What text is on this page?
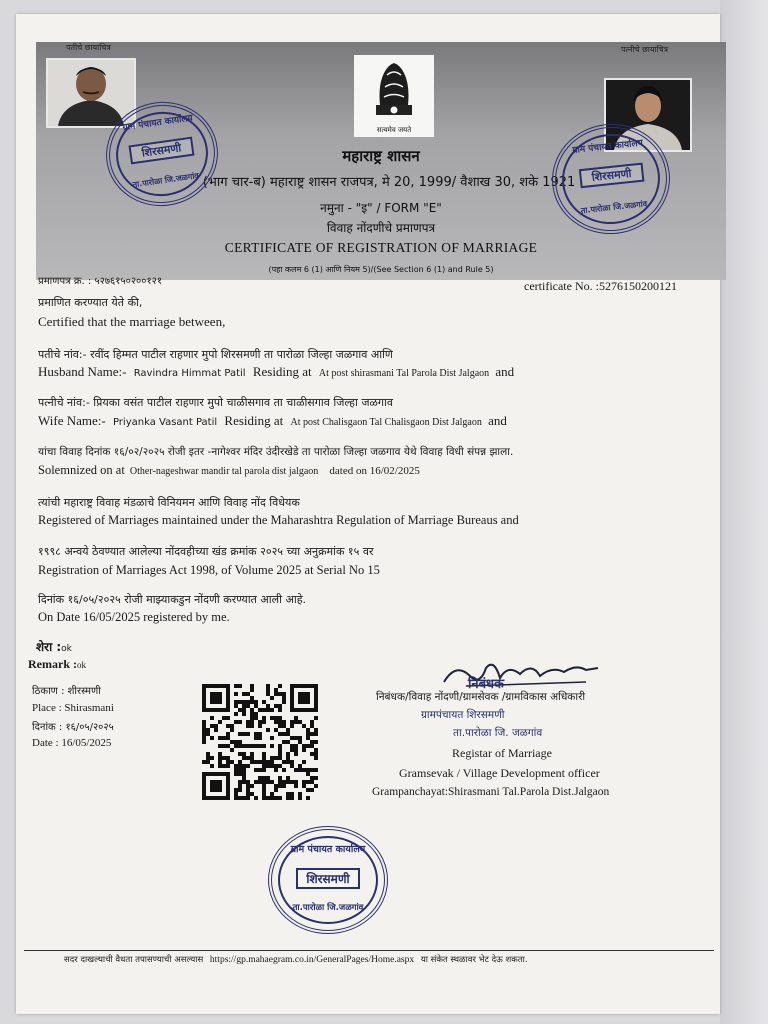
पतीचे छायाचित्र	पत्नीचे छायाचित्र
सत्यमेव जयते
महाराष्ट्र शासन
(भाग चार-ब) महाराष्ट्र शासन राजपत्र, मे 20, 1999/ वैशाख 30, शके 1921
नमुना - "इ" / FORM "E"
विवाह नोंदणीचे प्रमाणपत्र
CERTIFICATE OF REGISTRATION OF MARRIAGE
(पहा कलम 6 (1) आणि नियम 5)/(See Section 6 (1) and Rule 5)
ग्राम पंचायत कार्यालय
शिरसमणी
ता.पारोळा जि.जळगांव
ग्राम पंचायत कार्यालय
शिरसमणी
ता.पारोळा जि.जळगांव
प्रमाणपत्र क्र. : ५२७६१५०२००१२१	certificate No. :5276150200121
प्रमाणित करण्यात येते की,
Certified that the marriage between,
पतीचे नांव:- रवींद हिम्मत पाटील राहणार मुपो शिरसमणी ता पारोळा जिल्हा जळगाव आणि
Husband Name:- Ravindra Himmat Patil Residing at At post shirasmani Tal Parola Dist Jalgaon and
पत्नीचे नांव:- प्रियका वसंत पाटील राहणार मुपो चाळीसगाव ता चाळीसगाव जिल्हा जळगाव
Wife Name:- Priyanka Vasant Patil Residing at At post Chalisgaon Tal Chalisgaon Dist Jalgaon and
यांचा विवाह दिनांक १६/०२/२०२५ रोजी इतर -नागेश्वर मंदिर उंदीरखेडे ता पारोळा जिल्हा जळगाव येथे विवाह विधी संपन्न झाला.
Solemnized on at Other-nageshwar mandir tal parola dist jalgaon dated on 16/02/2025
त्यांची महाराष्ट्र विवाह मंडळाचे विनियमन आणि विवाह नोंद विधेयक
Registered of Marriages maintained under the Maharashtra Regulation of Marriage Bureaus and
१९९८ अन्वये ठेवण्यात आलेल्या नोंदवहीच्या खंड क्रमांक २०२५ च्या अनुक्रमांक १५ वर
Registration of Marriages Act 1998, of Volume 2025 at Serial No 15
दिनांक १६/०५/२०२५ रोजी माझ्याकडुन नोंदणी करण्यात आली आहे.
On Date 16/05/2025 registered by me.
शेरा :ok
Remark :ok
ठिकाण : शीरस्मणी
Place : Shirasmani
दिनांक : १६/०५/२०२५
Date : 16/05/2025
निबंधक
निबंधक/विवाह नोंदणी/ग्रामसेवक /ग्रामविकास अधिकारी
ग्रामपंचायत शिरसमणी
ता.पारोळा जि. जळगांव
Registar of Marriage
Gramsevak / Village Development officer
Grampanchayat:Shirasmani Tal.Parola Dist.Jalgaon
ग्राम पंचायत कार्यालय
शिरसमणी
ता.पारोळा जि.जळगांव
सदर दाखल्याची वैधता तपासण्याची असल्यास https://gp.mahaegram.co.in/GeneralPages/Home.aspx या संकेत स्थळावर भेट देऊ शकता.
